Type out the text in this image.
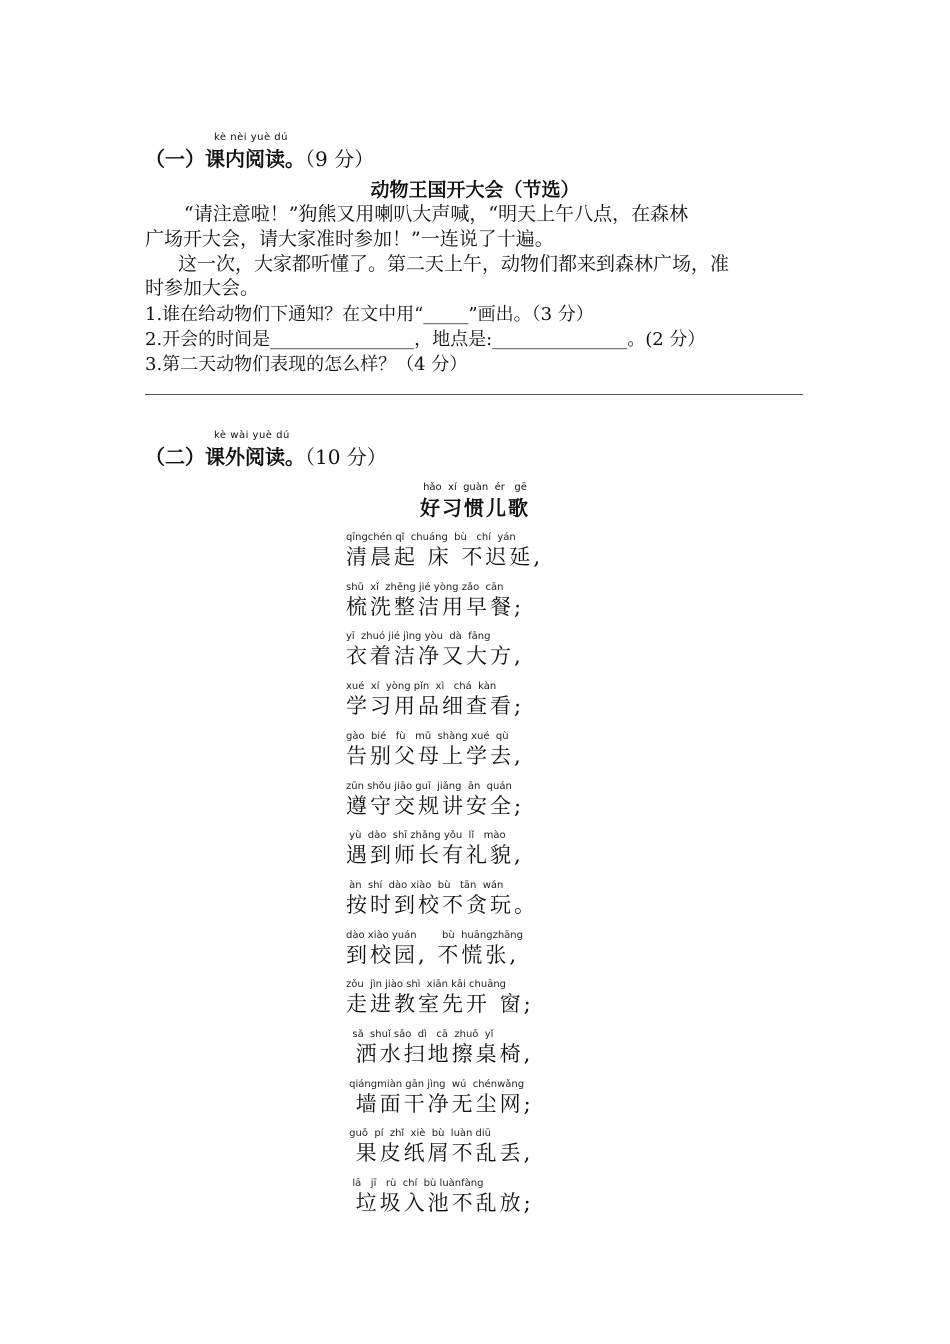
kè nèi yuè dú
（一）课内阅读。（9 分）
动物王国开大会（节选）
“请注意啦！”狗熊又用喇叭大声喊，“明天上午八点，在森林
广场开大会，请大家准时参加！”一连说了十遍。
这一次，大家都听懂了。第二天上午，动物们都来到森林广场，准
时参加大会。
1.谁在给动物们下通知？在文中用“_____”画出。（3 分）
2.开会的时间是________________，地点是:_______________。(2 分）
3.第二天动物们表现的怎么样？（4 分）
kè wài yuè dú
（二）课外阅读。（10 分）
hǎo  xí  guàn  ér   gē
好习惯儿歌
qīngchén qǐ  chuáng  bù   chí  yán
清晨起 床 不迟延,
shū  xǐ  zhěng jié yòng zǎo  cān
梳洗整洁用早餐;
yī  zhuó jié jìng yòu  dà  fāng
衣着洁净又大方,
xué  xí  yòng pǐn  xì   chá  kàn
学习用品细查看;
gào  bié   fù   mǔ  shàng xué  qù
告别父母上学去,
zūn shǒu jiāo guī  jiǎng  ān  quán
遵守交规讲安全;
yù  dào  shī zhǎng yǒu  lǐ   mào
遇到师长有礼貌,
àn  shí  dào xiào  bù   tān  wán
按时到校不贪玩。
dào xiào yuán        bù  huāngzhāng
到校园, 不慌张,
zǒu  jìn jiào shì  xiān kāi chuāng
走进教室先开 窗;
sǎ  shuǐ sǎo  dì   cā  zhuō  yǐ
洒水扫地擦桌椅,
qiángmiàn gān jìng  wú  chénwǎng
墙面干净无尘网;
guǒ  pí  zhǐ  xiè  bù  luàn diū
果皮纸屑不乱丢,
lā   jī   rù  chí  bù luànfàng
垃圾入池不乱放;
